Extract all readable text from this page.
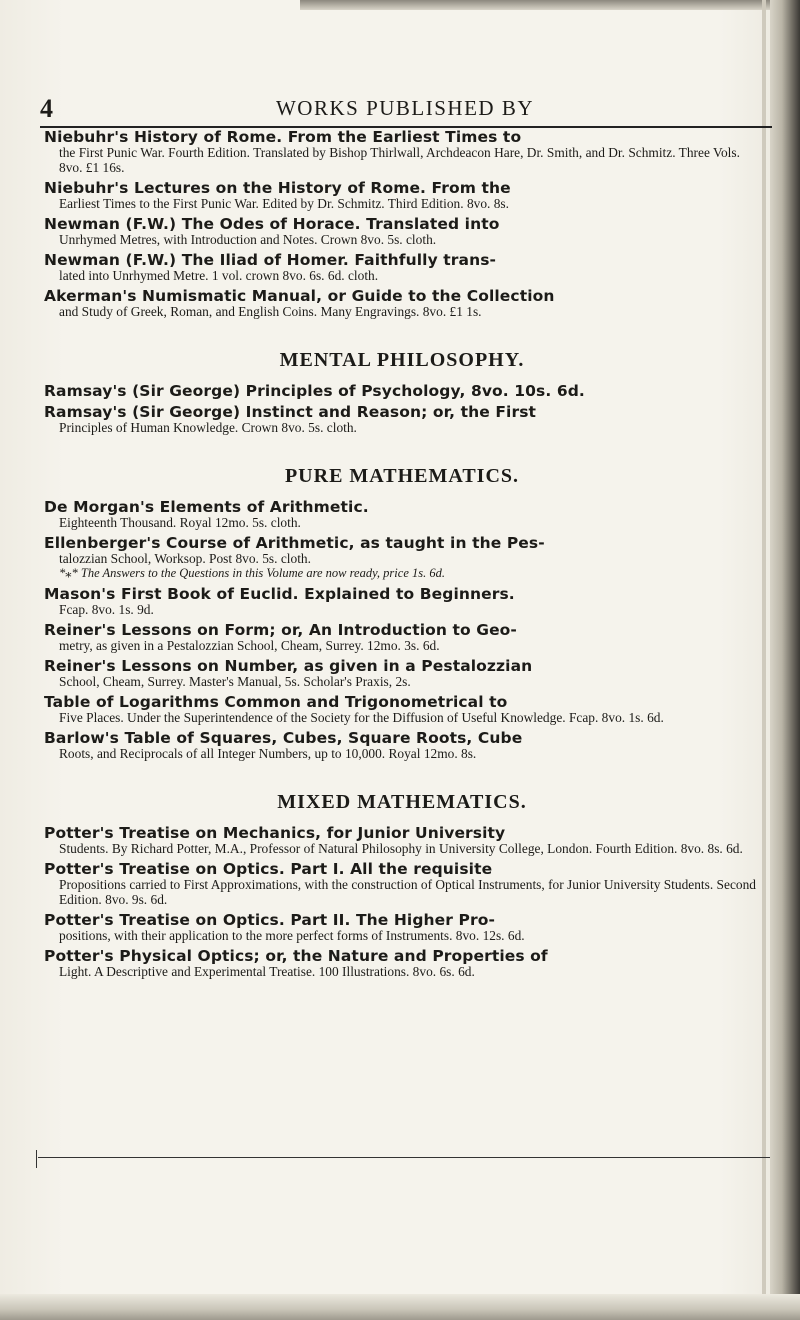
4	WORKS PUBLISHED BY
Niebuhr's History of Rome. From the Earliest Times to
the First Punic War. Fourth Edition. Translated by Bishop Thirlwall, Archdeacon Hare, Dr. Smith, and Dr. Schmitz. Three Vols. 8vo. £1 16s.
Niebuhr's Lectures on the History of Rome. From the
Earliest Times to the First Punic War. Edited by Dr. Schmitz. Third Edition. 8vo. 8s.
Newman (F.W.) The Odes of Horace. Translated into
Unrhymed Metres, with Introduction and Notes. Crown 8vo. 5s. cloth.
Newman (F.W.) The Iliad of Homer. Faithfully trans-
lated into Unrhymed Metre. 1 vol. crown 8vo. 6s. 6d. cloth.
Akerman's Numismatic Manual, or Guide to the Collection
and Study of Greek, Roman, and English Coins. Many Engravings. 8vo. £1 1s.
MENTAL PHILOSOPHY.
Ramsay's (Sir George) Principles of Psychology, 8vo. 10s. 6d.
Ramsay's (Sir George) Instinct and Reason; or, the First
Principles of Human Knowledge. Crown 8vo. 5s. cloth.
PURE MATHEMATICS.
De Morgan's Elements of Arithmetic.
Eighteenth Thousand. Royal 12mo. 5s. cloth.
Ellenberger's Course of Arithmetic, as taught in the Pes-
talozzian School, Worksop. Post 8vo. 5s. cloth.
*⁎* The Answers to the Questions in this Volume are now ready, price 1s. 6d.
Mason's First Book of Euclid. Explained to Beginners.
Fcap. 8vo. 1s. 9d.
Reiner's Lessons on Form; or, An Introduction to Geo-
metry, as given in a Pestalozzian School, Cheam, Surrey. 12mo. 3s. 6d.
Reiner's Lessons on Number, as given in a Pestalozzian
School, Cheam, Surrey. Master's Manual, 5s. Scholar's Praxis, 2s.
Table of Logarithms Common and Trigonometrical to
Five Places. Under the Superintendence of the Society for the Diffusion of Useful Knowledge. Fcap. 8vo. 1s. 6d.
Barlow's Table of Squares, Cubes, Square Roots, Cube
Roots, and Reciprocals of all Integer Numbers, up to 10,000. Royal 12mo. 8s.
MIXED MATHEMATICS.
Potter's Treatise on Mechanics, for Junior University
Students. By Richard Potter, M.A., Professor of Natural Philosophy in University College, London. Fourth Edition. 8vo. 8s. 6d.
Potter's Treatise on Optics. Part I. All the requisite
Propositions carried to First Approximations, with the construction of Optical Instruments, for Junior University Students. Second Edition. 8vo. 9s. 6d.
Potter's Treatise on Optics. Part II. The Higher Pro-
positions, with their application to the more perfect forms of Instruments. 8vo. 12s. 6d.
Potter's Physical Optics; or, the Nature and Properties of
Light. A Descriptive and Experimental Treatise. 100 Illustrations. 8vo. 6s. 6d.
